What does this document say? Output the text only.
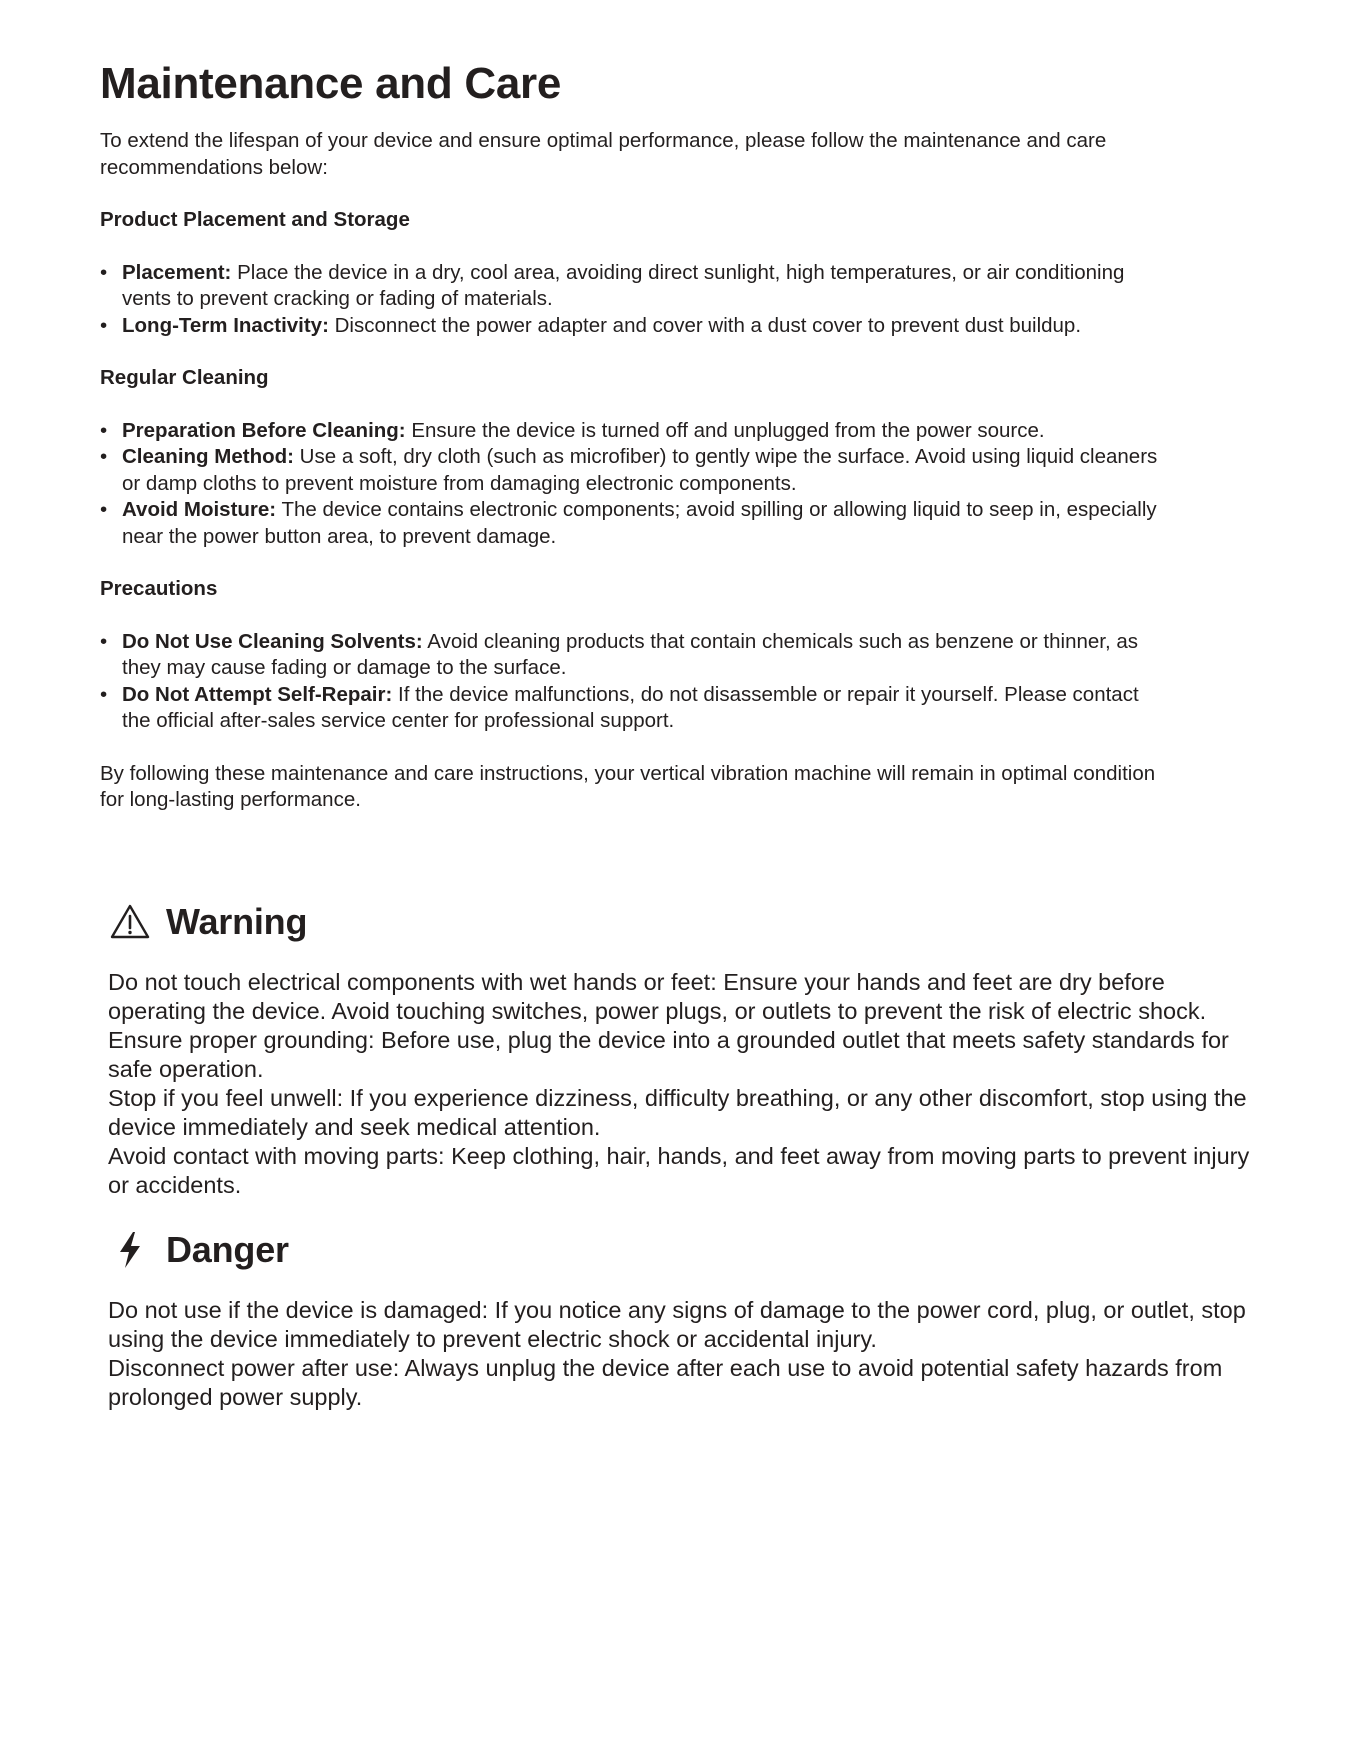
Maintenance and Care

To extend the lifespan of your device and ensure optimal performance, please follow the maintenance and care recommendations below:

Product Placement and Storage
• Placement: Place the device in a dry, cool area, avoiding direct sunlight, high temperatures, or air conditioning vents to prevent cracking or fading of materials.
• Long-Term Inactivity: Disconnect the power adapter and cover with a dust cover to prevent dust buildup.
Regular Cleaning
• Preparation Before Cleaning: Ensure the device is turned off and unplugged from the power source.
• Cleaning Method: Use a soft, dry cloth (such as microfiber) to gently wipe the surface. Avoid using liquid cleaners or damp cloths to prevent moisture from damaging electronic components.
• Avoid Moisture: The device contains electronic components; avoid spilling or allowing liquid to seep in, especially near the power button area, to prevent damage.
Precautions
• Do Not Use Cleaning Solvents: Avoid cleaning products that contain chemicals such as benzene or thinner, as they may cause fading or damage to the surface.
• Do Not Attempt Self-Repair: If the device malfunctions, do not disassemble or repair it yourself. Please contact the official after-sales service center for professional support.

By following these maintenance and care instructions, your vertical vibration machine will remain in optimal condition for long-lasting performance.

Warning

Do not touch electrical components with wet hands or feet: Ensure your hands and feet are dry before operating the device. Avoid touching switches, power plugs, or outlets to prevent the risk of electric shock.

Ensure proper grounding: Before use, plug the device into a grounded outlet that meets safety standards for safe operation.

Stop if you feel unwell: If you experience dizziness, difficulty breathing, or any other discomfort, stop using the device immediately and seek medical attention.

Avoid contact with moving parts: Keep clothing, hair, hands, and feet away from moving parts to prevent injury or accidents.

Danger

Do not use if the device is damaged: If you notice any signs of damage to the power cord, plug, or outlet, stop using the device immediately to prevent electric shock or accidental injury.

Disconnect power after use: Always unplug the device after each use to avoid potential safety hazards from prolonged power supply.
